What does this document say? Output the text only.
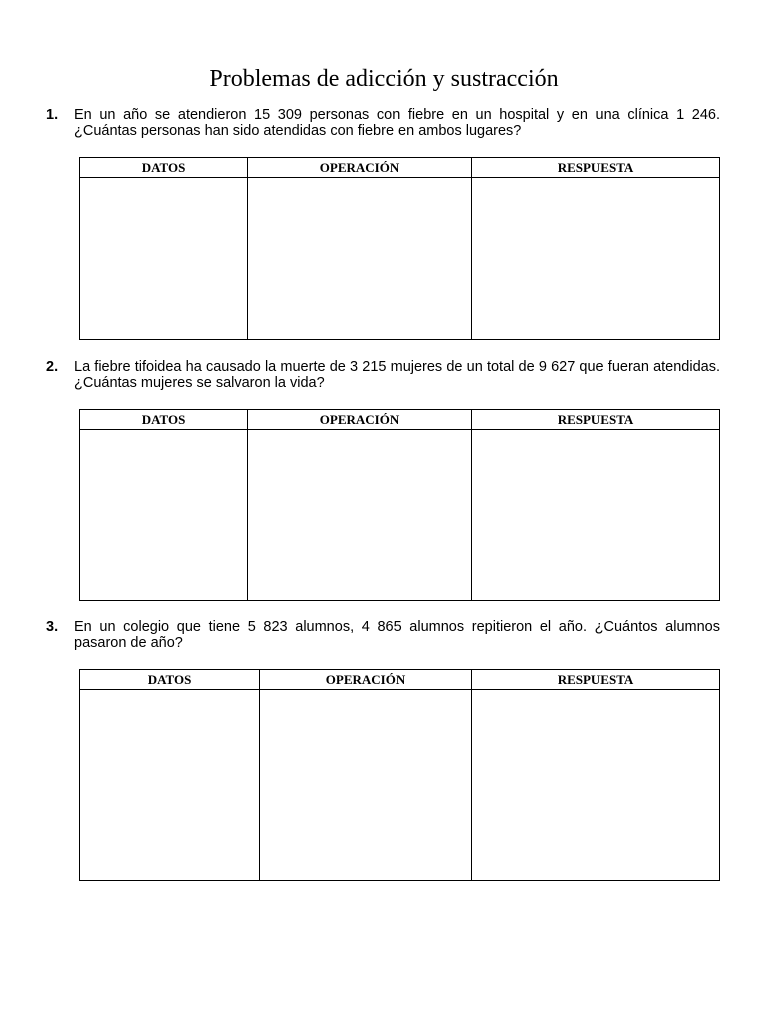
Problemas de adicción y sustracción
1. En un año se atendieron 15 309 personas con fiebre en un hospital y en una clínica 1 246. ¿Cuántas personas han sido atendidas con fiebre en ambos lugares?
DATOS	OPERACIÓN	RESPUESTA

2. La fiebre tifoidea ha causado la muerte de 3 215 mujeres de un total de 9 627 que fueran atendidas. ¿Cuántas mujeres se salvaron la vida?
DATOS	OPERACIÓN	RESPUESTA

3. En un colegio que tiene 5 823 alumnos, 4 865 alumnos repitieron el año. ¿Cuántos alumnos pasaron de año?
DATOS	OPERACIÓN	RESPUESTA
